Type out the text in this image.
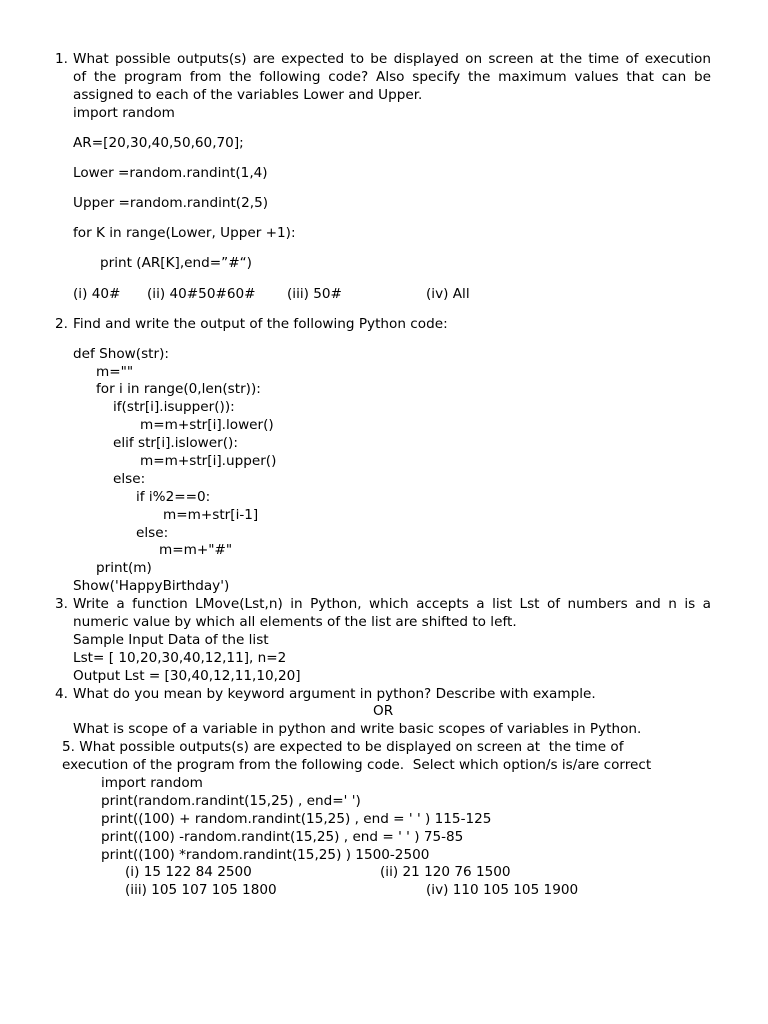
1. What possible outputs(s) are expected to be displayed on screen at the time of execution
of the program from the following code? Also specify the maximum values that can be
assigned to each of the variables Lower and Upper.
import random
AR=[20,30,40,50,60,70];
Lower =random.randint(1,4)
Upper =random.randint(2,5)
for K in range(Lower, Upper +1):
print (AR[K],end=”#“)
(i) 40# (ii) 40#50#60# (iii) 50#	(iv) All
2. Find and write the output of the following Python code:
def Show(str):
m=""
for i in range(0,len(str)):
if(str[i].isupper()):
m=m+str[i].lower()
elif str[i].islower():
m=m+str[i].upper()
else:
if i%2==0:
m=m+str[i-1]
else:
m=m+"#"
print(m)
Show('HappyBirthday')
3. Write a function LMove(Lst,n) in Python, which accepts a list Lst of numbers and n is a
numeric value by which all elements of the list are shifted to left.
Sample Input Data of the list
Lst= [ 10,20,30,40,12,11], n=2
Output Lst = [30,40,12,11,10,20]
4. What do you mean by keyword argument in python? Describe with example.
OR
What is scope of a variable in python and write basic scopes of variables in Python.
5. What possible outputs(s) are expected to be displayed on screen at  the time of
execution of the program from the following code.  Select which option/s is/are correct
import random
print(random.randint(15,25) , end=' ')
print((100) + random.randint(15,25) , end = ' ' ) 115-125
print((100) -random.randint(15,25) , end = ' ' ) 75-85
print((100) *random.randint(15,25) ) 1500-2500
(i) 15 122 84 2500	(ii) 21 120 76 1500
(iii) 105 107 105 1800	(iv) 110 105 105 1900
